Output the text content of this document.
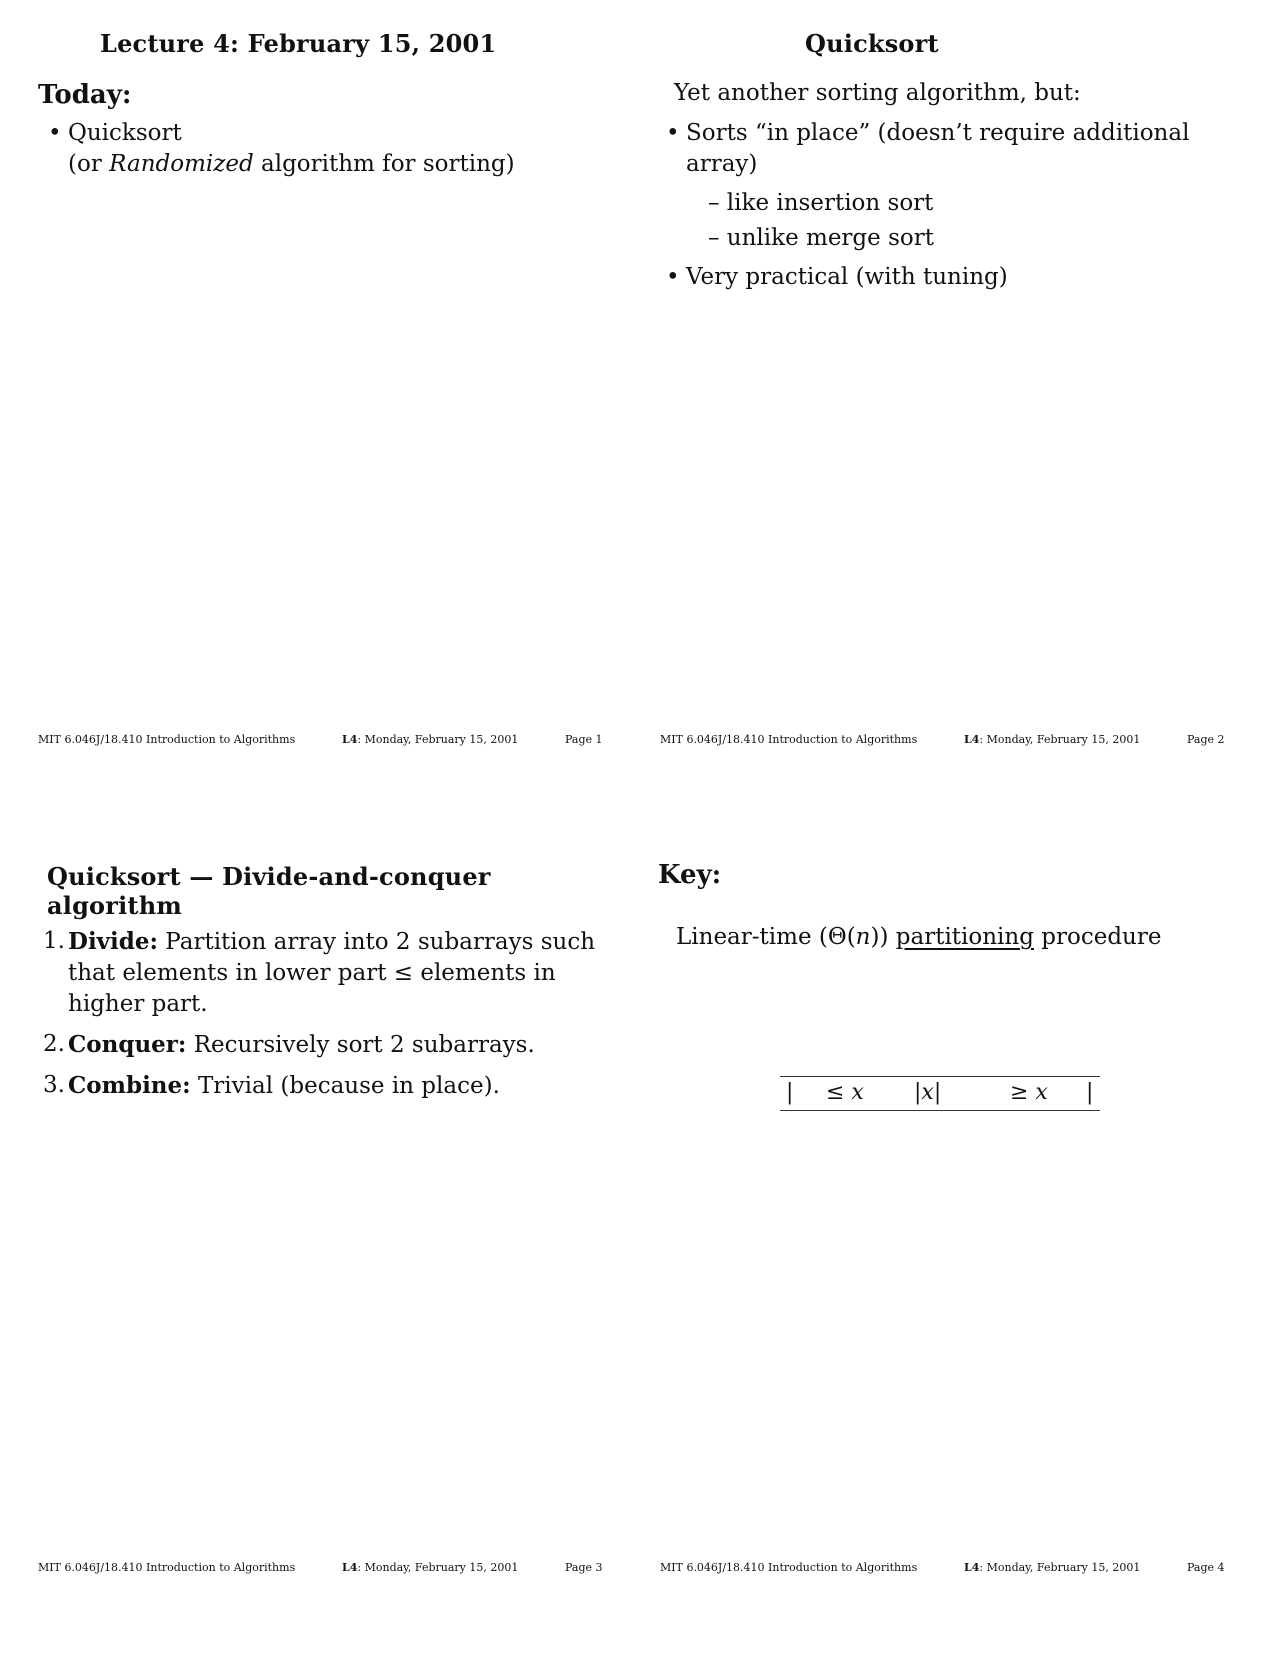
Lecture 4: February 15, 2001
Today:
• Quicksort
(or Randomized algorithm for sorting)
MIT 6.046J/18.410 Introduction to Algorithms	L4: Monday, February 15, 2001	Page 1
Quicksort
Yet another sorting algorithm, but:
• Sorts “in place” (doesn’t require additional array)
– like insertion sort
– unlike merge sort
• Very practical (with tuning)
MIT 6.046J/18.410 Introduction to Algorithms	L4: Monday, February 15, 2001	Page 2
Quicksort — Divide-and-conquer algorithm
1. Divide: Partition array into 2 subarrays such that elements in lower part ≤ elements in higher part.
2. Conquer: Recursively sort 2 subarrays.
3. Combine: Trivial (because in place).
MIT 6.046J/18.410 Introduction to Algorithms	L4: Monday, February 15, 2001	Page 3
Key:
Linear-time (Θ(n)) partitioning procedure
| ≤ x |x|	≥ x |
MIT 6.046J/18.410 Introduction to Algorithms	L4: Monday, February 15, 2001	Page 4
